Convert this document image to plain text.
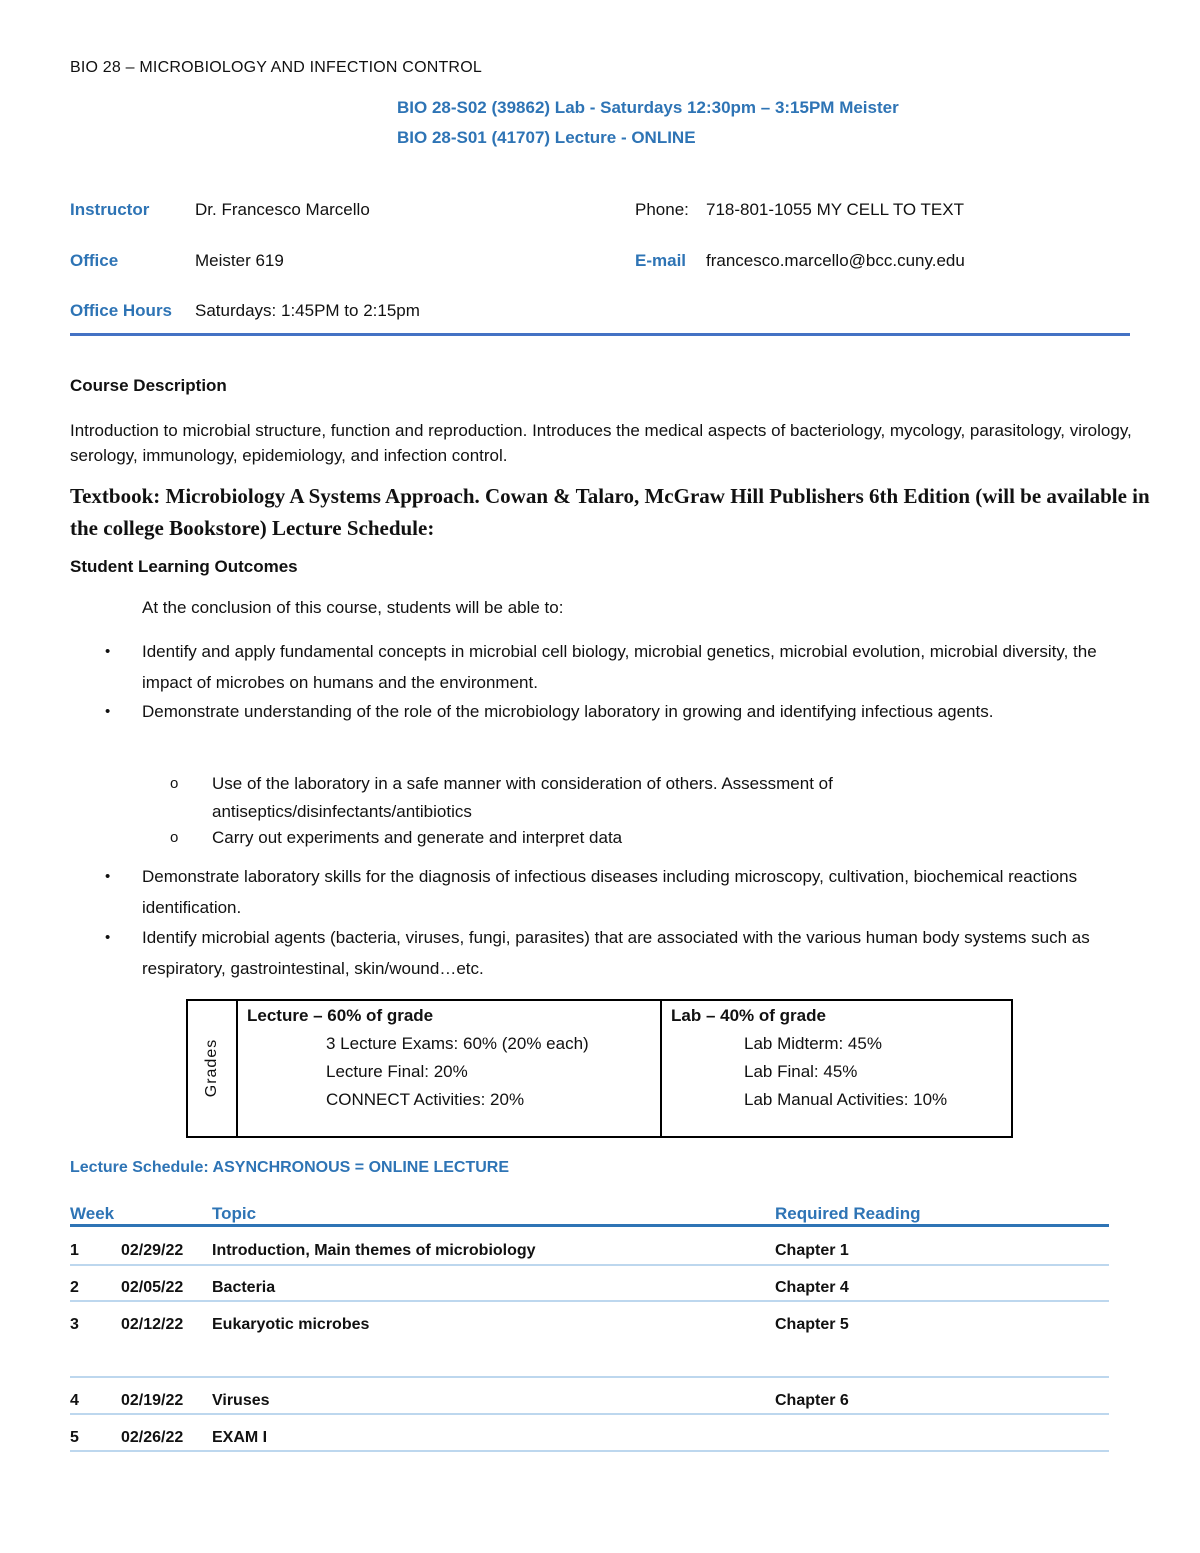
BIO 28 – MICROBIOLOGY AND INFECTION CONTROL
BIO 28-S02 (39862) Lab - Saturdays 12:30pm – 3:15PM Meister
BIO 28-S01 (41707) Lecture - ONLINE
Instructor	Dr. Francesco Marcello	Phone: 718-801-1055 MY CELL TO TEXT
Office	Meister 619	E-mail francesco.marcello@bcc.cuny.edu
Office Hours Saturdays: 1:45PM to 2:15pm
Course Description
Introduction to microbial structure, function and reproduction. Introduces the medical aspects of bacteriology, mycology, parasitology, virology, serology, immunology, epidemiology, and infection control.
Textbook: Microbiology A Systems Approach. Cowan & Talaro, McGraw Hill Publishers 6th Edition (will be available in the college Bookstore) Lecture Schedule:
Student Learning Outcomes
At the conclusion of this course, students will be able to:
• Identify and apply fundamental concepts in microbial cell biology, microbial genetics, microbial evolution, microbial diversity, the impact of microbes on humans and the environment.
• Demonstrate understanding of the role of the microbiology laboratory in growing and identifying infectious agents.
o Use of the laboratory in a safe manner with consideration of others. Assessment of antiseptics/disinfectants/antibiotics
o Carry out experiments and generate and interpret data
• Demonstrate laboratory skills for the diagnosis of infectious diseases including microscopy, cultivation, biochemical reactions identification.
• Identify microbial agents (bacteria, viruses, fungi, parasites) that are associated with the various human body systems such as respiratory, gastrointestinal, skin/wound…etc.
Grades
Lecture – 60% of grade
3 Lecture Exams: 60% (20% each)
Lecture Final: 20%
CONNECT Activities: 20%
Lab – 40% of grade
Lab Midterm: 45%
Lab Final: 45%
Lab Manual Activities: 10%
Lecture Schedule: ASYNCHRONOUS = ONLINE LECTURE
Week	Topic	Required Reading
1	02/29/22 Introduction, Main themes of microbiology	Chapter 1
2	02/05/22 Bacteria	Chapter 4
3	02/12/22 Eukaryotic microbes	Chapter 5
4	02/19/22 Viruses	Chapter 6
5	02/26/22 EXAM I
